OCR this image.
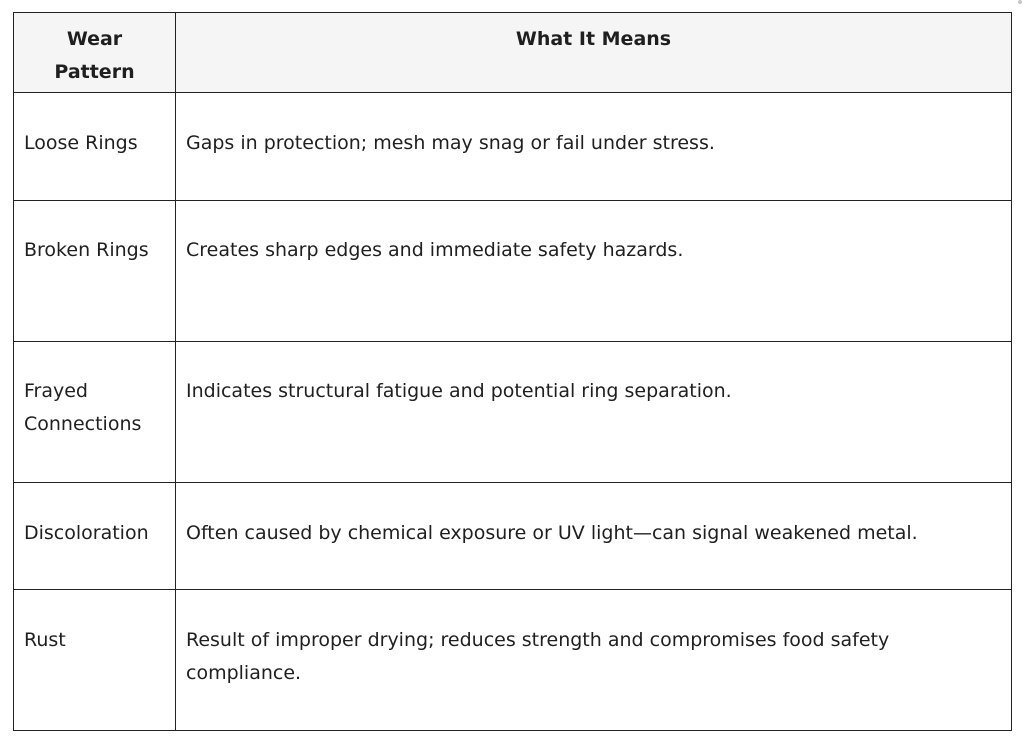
Wear Pattern	What It Means
Loose Rings	Gaps in protection; mesh may snag or fail under stress.
Broken Rings	Creates sharp edges and immediate safety hazards.
Frayed Connections	Indicates structural fatigue and potential ring separation.
Discoloration	Often caused by chemical exposure or UV light—can signal weakened metal.
Rust	Result of improper drying; reduces strength and compromises food safety compliance.
